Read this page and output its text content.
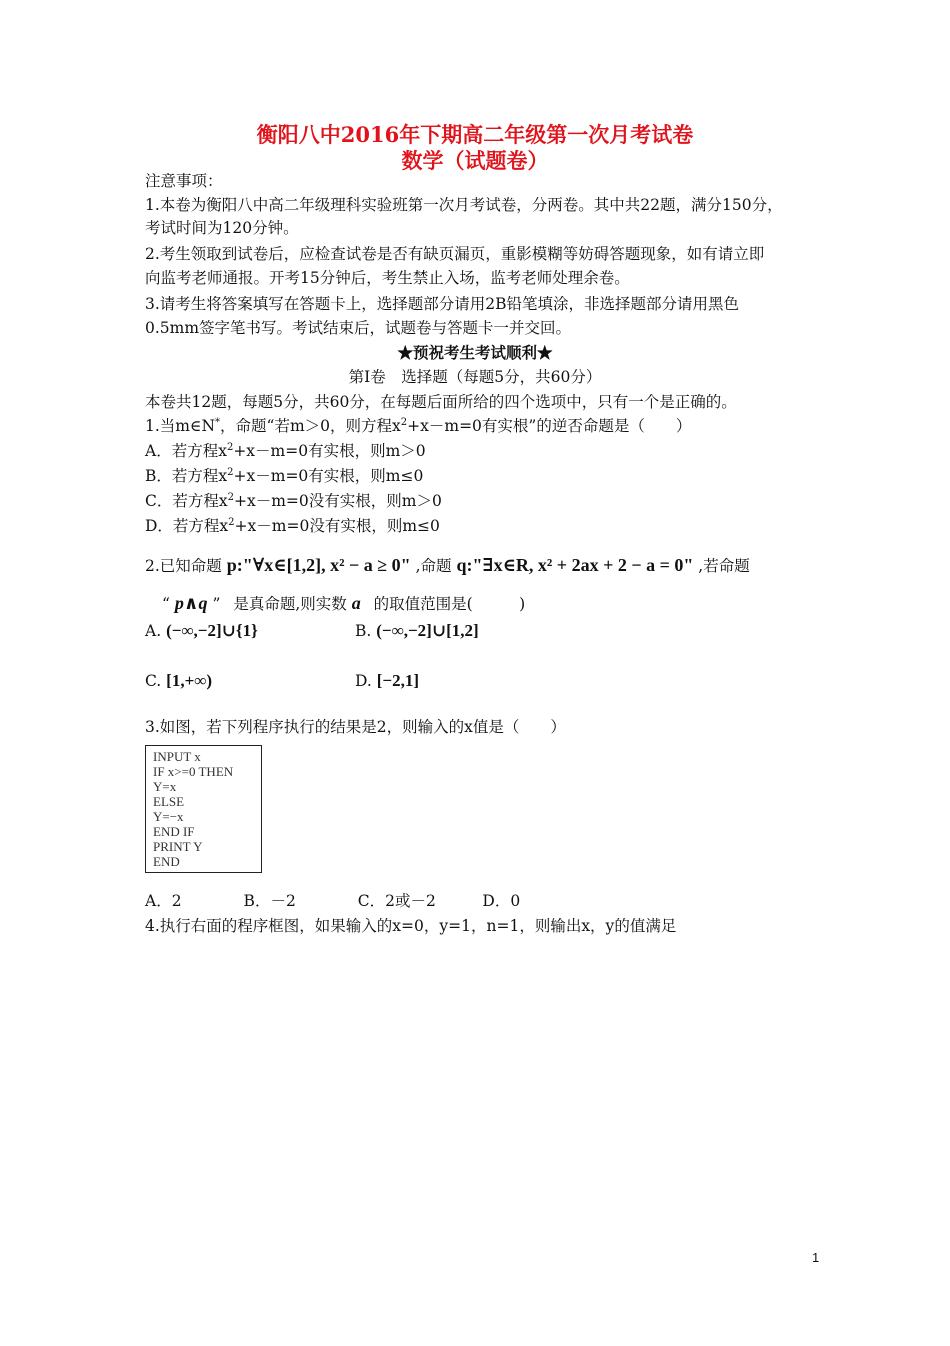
衡阳八中2016年下期高二年级第一次月考试卷
数学（试题卷）
注意事项：
1.本卷为衡阳八中高二年级理科实验班第一次月考试卷，分两卷。其中共22题，满分150分，
考试时间为120分钟。
2.考生领取到试卷后，应检查试卷是否有缺页漏页，重影模糊等妨碍答题现象，如有请立即
向监考老师通报。开考15分钟后，考生禁止入场，监考老师处理余卷。
3.请考生将答案填写在答题卡上，选择题部分请用2B铅笔填涂，非选择题部分请用黑色
0.5mm签字笔书写。考试结束后，试题卷与答题卡一并交回。
★预祝考生考试顺利★
第Ⅰ卷　选择题（每题5分，共60分）
本卷共12题，每题5分，共60分，在每题后面所给的四个选项中，只有一个是正确的。
1.当m∈N*，命题“若m＞0，则方程$x^2+x-m=0$有实根”的逆否命题是（　　）
A．若方程$x^2+x-m=0$有实根，则m＞0
B．若方程$x^2+x-m=0$有实根，则m≤0
C．若方程$x^2+x-m=0$没有实根，则m＞0
D．若方程$x^2+x-m=0$没有实根，则m≤0
2.已知命题 p:"∀x∈[1,2], x² − a ≥ 0" ,命题 q:"∃x∈R, x² + 2ax + 2 − a = 0" ,若命题
“ p∧q ” 是真命题,则实数 a 的取值范围是(　　　)
A. (−∞,−2]∪{1}	B. (−∞,−2]∪[1,2]
C. [1,+∞)	D. [−2,1]
3.如图，若下列程序执行的结果是2，则输入的x值是（　　）
INPUT x
IF x>=0 THEN
Y=x
ELSE
Y=−x
END IF
PRINT Y
END
A．2　　　　B．－2　　　　C．2或－2　　　D．0
4.执行右面的程序框图，如果输入的x=0，y=1，n=1，则输出x，y的值满足
1
